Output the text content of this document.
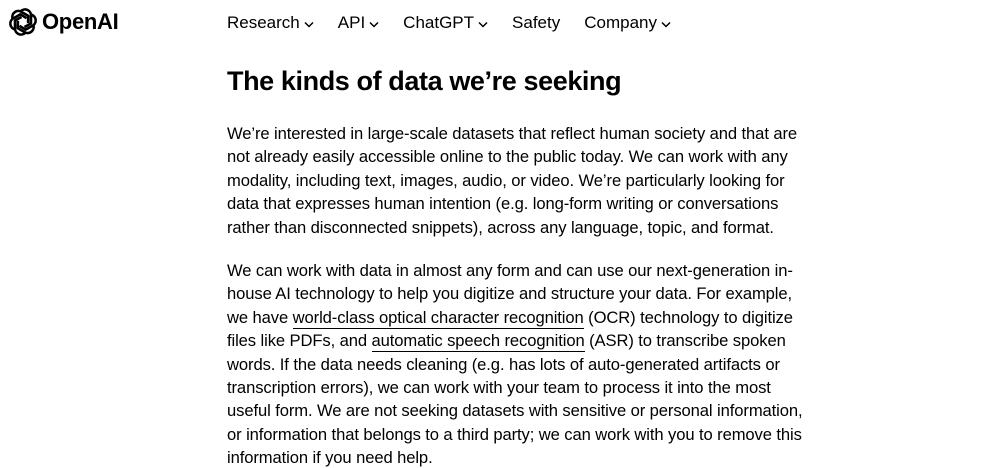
OpenAI	Research API ChatGPT Safety Company
The kinds of data we’re seeking

We’re interested in large-scale datasets that reflect human society and that are
not already easily accessible online to the public today. We can work with any
modality, including text, images, audio, or video. We’re particularly looking for
data that expresses human intention (e.g. long-form writing or conversations
rather than disconnected snippets), across any language, topic, and format.

We can work with data in almost any form and can use our next-generation in-
house AI technology to help you digitize and structure your data. For example,
we have world-class optical character recognition (OCR) technology to digitize
files like PDFs, and automatic speech recognition (ASR) to transcribe spoken
words. If the data needs cleaning (e.g. has lots of auto-generated artifacts or
transcription errors), we can work with your team to process it into the most
useful form. We are not seeking datasets with sensitive or personal information,
or information that belongs to a third party; we can work with you to remove this
information if you need help.
